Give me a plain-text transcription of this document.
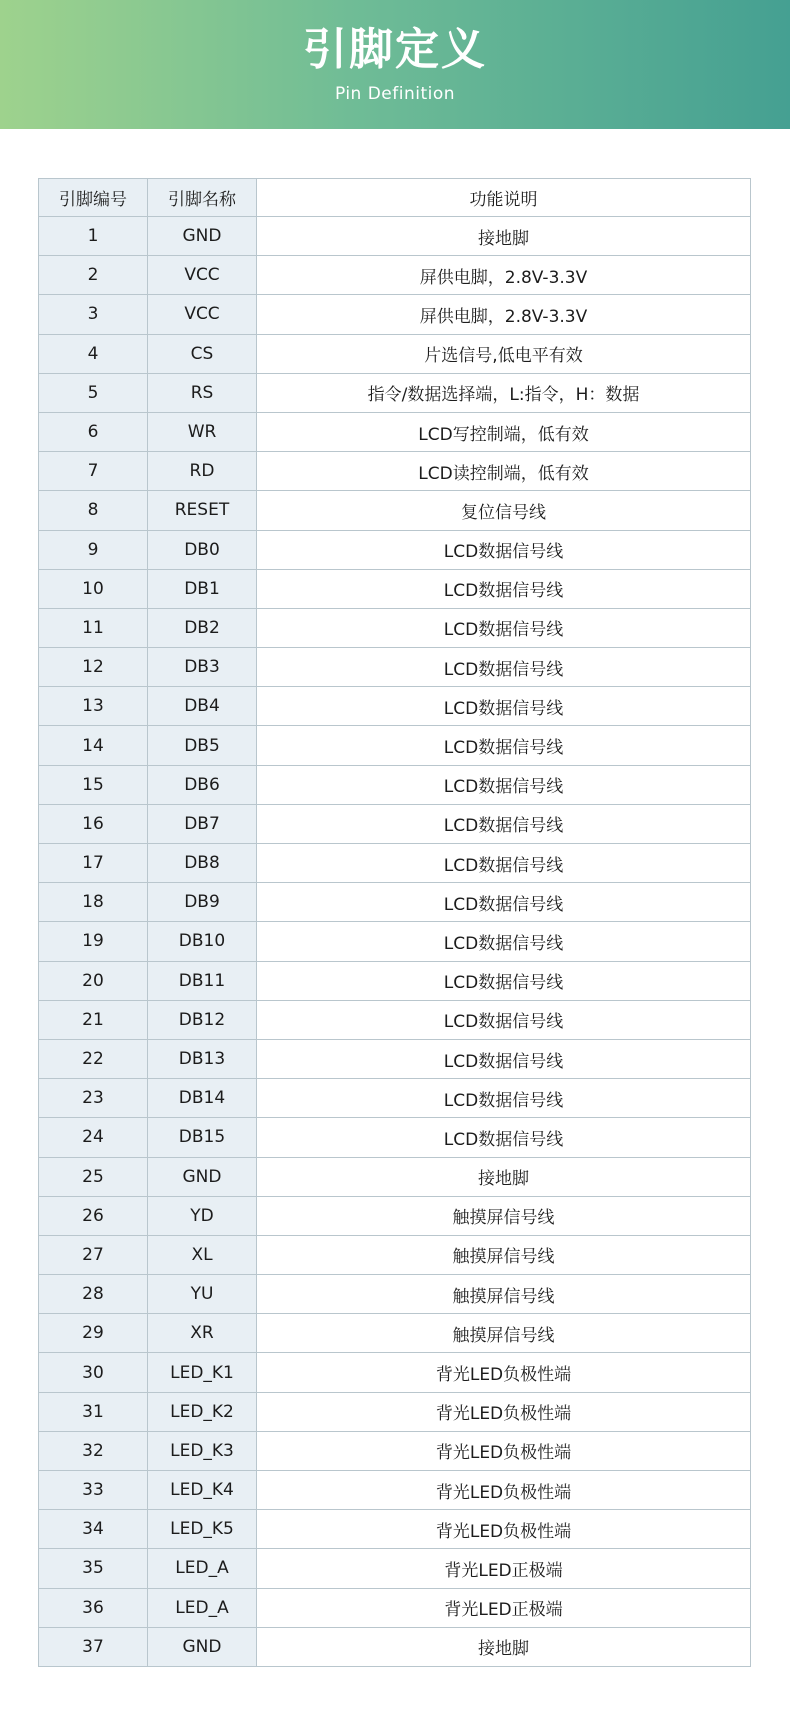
引脚定义
Pin Definition
引脚编号	引脚名称	功能说明
1	GND	接地脚
2	VCC	屏供电脚，2.8V-3.3V
3	VCC	屏供电脚，2.8V-3.3V
4	CS	片选信号,低电平有效
5	RS	指令/数据选择端，L:指令，H：数据
6	WR	LCD写控制端，低有效
7	RD	LCD读控制端，低有效
8	RESET	复位信号线
9	DB0	LCD数据信号线
10	DB1	LCD数据信号线
11	DB2	LCD数据信号线
12	DB3	LCD数据信号线
13	DB4	LCD数据信号线
14	DB5	LCD数据信号线
15	DB6	LCD数据信号线
16	DB7	LCD数据信号线
17	DB8	LCD数据信号线
18	DB9	LCD数据信号线
19	DB10	LCD数据信号线
20	DB11	LCD数据信号线
21	DB12	LCD数据信号线
22	DB13	LCD数据信号线
23	DB14	LCD数据信号线
24	DB15	LCD数据信号线
25	GND	接地脚
26	YD	触摸屏信号线
27	XL	触摸屏信号线
28	YU	触摸屏信号线
29	XR	触摸屏信号线
30	LED_K1	背光LED负极性端
31	LED_K2	背光LED负极性端
32	LED_K3	背光LED负极性端
33	LED_K4	背光LED负极性端
34	LED_K5	背光LED负极性端
35	LED_A	背光LED正极端
36	LED_A	背光LED正极端
37	GND	接地脚
